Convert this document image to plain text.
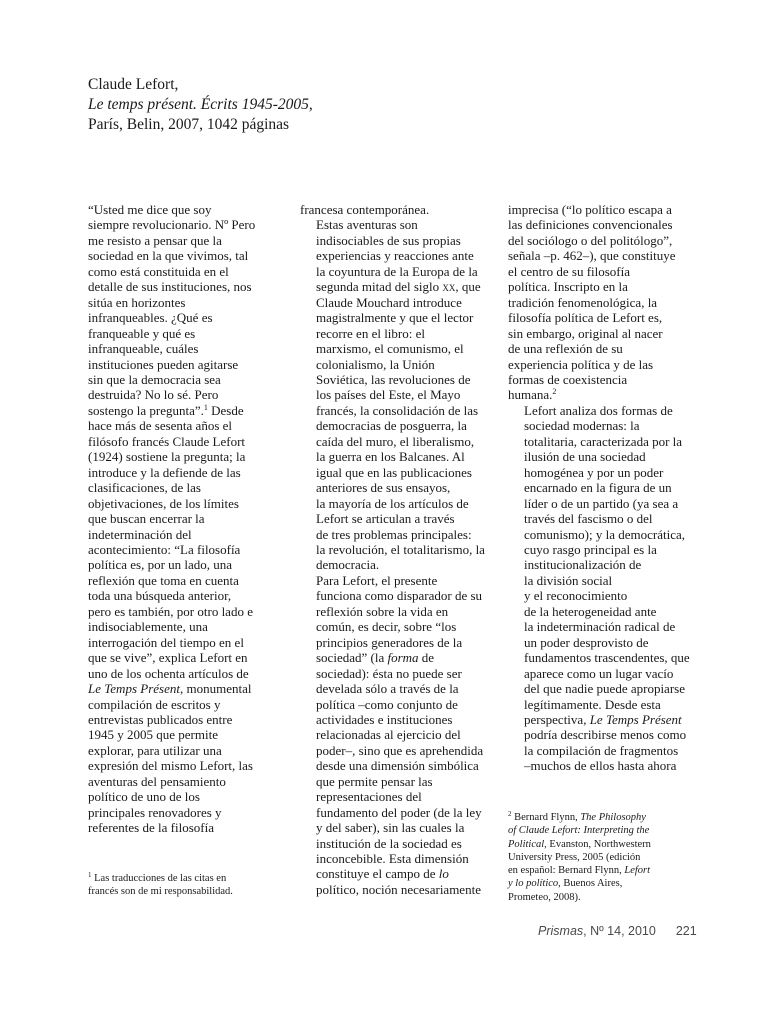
Claude Lefort,
Le temps présent. Écrits 1945-2005,
París, Belin, 2007, 1042 páginas

“Usted me dice que soy
siempre revolucionario. Nº Pero
me resisto a pensar que la
sociedad en la que vivimos, tal
como está constituida en el
detalle de sus instituciones, nos
sitúa en horizontes
infranqueables. ¿Qué es
franqueable y qué es
infranqueable, cuáles
instituciones pueden agitarse
sin que la democracia sea
destruida? No lo sé. Pero
sostengo la pregunta”.$^1$ Desde
hace más de sesenta años el
filósofo francés Claude Lefort
(1924) sostiene la pregunta; la
introduce y la defiende de las
clasificaciones, de las
objetivaciones, de los límites
que buscan encerrar la
indeterminación del
acontecimiento: “La filosofía
política es, por un lado, una
reflexión que toma en cuenta
toda una búsqueda anterior,
pero es también, por otro lado e
indisociablemente, una
interrogación del tiempo en el
que se vive”, explica Lefort en
uno de los ochenta artículos de
Le Temps Présent, monumental
compilación de escritos y
entrevistas publicados entre
1945 y 2005 que permite
explorar, para utilizar una
expresión del mismo Lefort, las
aventuras del pensamiento
político de uno de los
principales renovadores y
referentes de la filosofía

francesa contemporánea.

Estas aventuras son
indisociables de sus propias
experiencias y reacciones ante
la coyuntura de la Europa de la
segunda mitad del siglo xx, que
Claude Mouchard introduce
magistralmente y que el lector
recorre en el libro: el
marxismo, el comunismo, el
colonialismo, la Unión
Soviética, las revoluciones de
los países del Este, el Mayo
francés, la consolidación de las
democracias de posguerra, la
caída del muro, el liberalismo,
la guerra en los Balcanes. Al
igual que en las publicaciones
anteriores de sus ensayos,
la mayoría de los artículos de
Lefort se articulan a través
de tres problemas principales:
la revolución, el totalitarismo, la
democracia.

Para Lefort, el presente
funciona como disparador de su
reflexión sobre la vida en
común, es decir, sobre “los
principios generadores de la
sociedad” (la forma de
sociedad): ésta no puede ser
develada sólo a través de la
política –como conjunto de
actividades e instituciones
relacionadas al ejercicio del
poder–, sino que es aprehendida
desde una dimensión simbólica
que permite pensar las
representaciones del
fundamento del poder (de la ley
y del saber), sin las cuales la
institución de la sociedad es
inconcebible. Esta dimensión
constituye el campo de lo
político, noción necesariamente

imprecisa (“lo político escapa a
las definiciones convencionales
del sociólogo o del politólogo”,
señala –p. 462–), que constituye
el centro de su filosofía
política. Inscripto en la
tradición fenomenológica, la
filosofía política de Lefort es,
sin embargo, original al nacer
de una reflexión de su
experiencia política y de las
formas de coexistencia
humana.$^2$

Lefort analiza dos formas de
sociedad modernas: la
totalitaria, caracterizada por la
ilusión de una sociedad
homogénea y por un poder
encarnado en la figura de un
líder o de un partido (ya sea a
través del fascismo o del
comunismo); y la democrática,
cuyo rasgo principal es la
institucionalización de
la división social
y el reconocimiento
de la heterogeneidad ante
la indeterminación radical de
un poder desprovisto de
fundamentos trascendentes, que
aparece como un lugar vacío
del que nadie puede apropiarse
legítimamente. Desde esta
perspectiva, Le Temps Présent
podría describirse menos como
la compilación de fragmentos
–muchos de ellos hasta ahora

$^1$ Las traducciones de las citas en
francés son de mi responsabilidad.
$^2$ Bernard Flynn, The Philosophy
of Claude Lefort: Interpreting the
Political, Evanston, Northwestern
University Press, 2005 (edición
en español: Bernard Flynn, Lefort
y lo político, Buenos Aires,
Prometeo, 2008).
Prismas, Nº 14, 2010 221
